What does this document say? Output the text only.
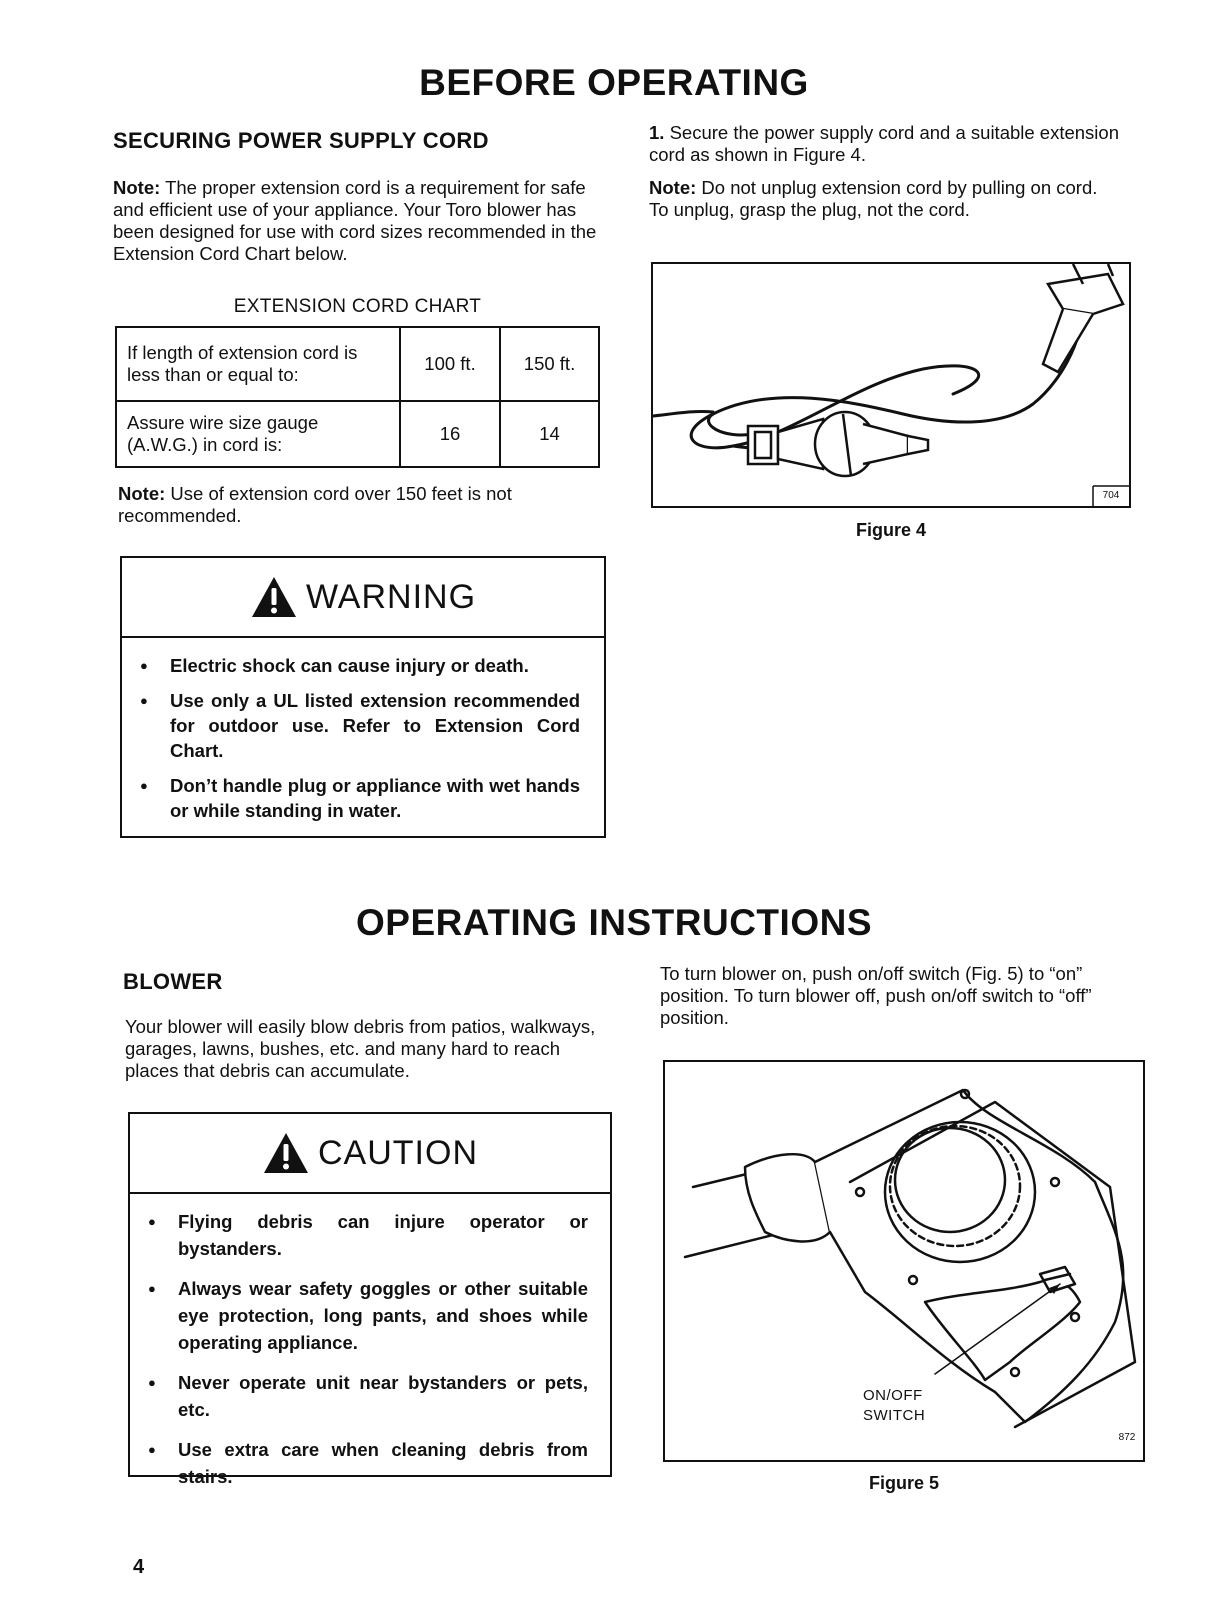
BEFORE OPERATING
SECURING POWER SUPPLY CORD
Note: The proper extension cord is a requirement for safe and efficient use of your appliance. Your Toro blower has been designed for use with cord sizes recommended in the Extension Cord Chart below.
EXTENSION CORD CHART
If length of extension cord is less than or equal to:	100 ft.	150 ft.
Assure wire size gauge (A.W.G.) in cord is:	16	14
Note: Use of extension cord over 150 feet is not recommended.
WARNING
● Electric shock can cause injury or death.
● Use only a UL listed extension recommended for outdoor use. Refer to Extension Cord Chart.
● Don’t handle plug or appliance with wet hands or while standing in water.
1. Secure the power supply cord and a suitable extension cord as shown in Figure 4.
Note: Do not unplug extension cord by pulling on cord. To unplug, grasp the plug, not the cord.
704
Figure 4
OPERATING INSTRUCTIONS
BLOWER
Your blower will easily blow debris from patios, walkways, garages, lawns, bushes, etc. and many hard to reach places that debris can accumulate.
CAUTION
● Flying debris can injure operator or bystanders.
● Always wear safety goggles or other suitable eye protection, long pants, and shoes while operating appliance.
● Never operate unit near bystanders or pets, etc.
● Use extra care when cleaning debris from stairs.
To turn blower on, push on/off switch (Fig. 5) to “on” position. To turn blower off, push on/off switch to “off” position.
872
ON/OFF
SWITCH
Figure 5
4
